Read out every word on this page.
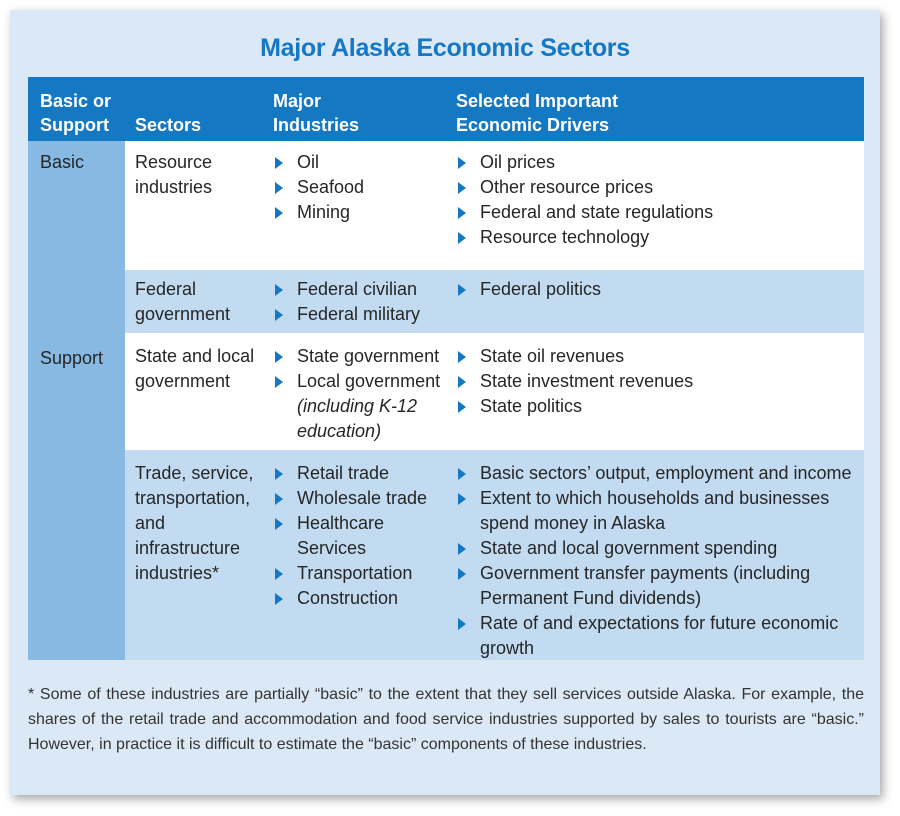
Major Alaska Economic Sectors
Basic or
Support Sectors
Major
Industries
Selected Important
Economic Drivers
Basic
Support
Resource
industries
Oil
Seafood
Mining
Oil prices
Other resource prices
Federal and state regulations
Resource technology
Federal
government
Federal civilian
Federal military
Federal politics
State and local
government
State government
Local government
(including K-12
education)
State oil revenues
State investment revenues
State politics
Trade, service,
transportation,
and
infrastructure
industries*
Retail trade
Wholesale trade
Healthcare
Services
Transportation
Construction
Basic sectors’ output, employment and income
Extent to which households and businesses
spend money in Alaska
State and local government spending
Government transfer payments (including
Permanent Fund dividends)
Rate of and expectations for future economic
growth
* Some of these industries are partially “basic” to the extent that they sell services outside Alaska. For example, the shares of the retail trade and accommodation and food service industries supported by sales to tourists are “basic.” However, in practice it is difficult to estimate the “basic” components of these industries.
